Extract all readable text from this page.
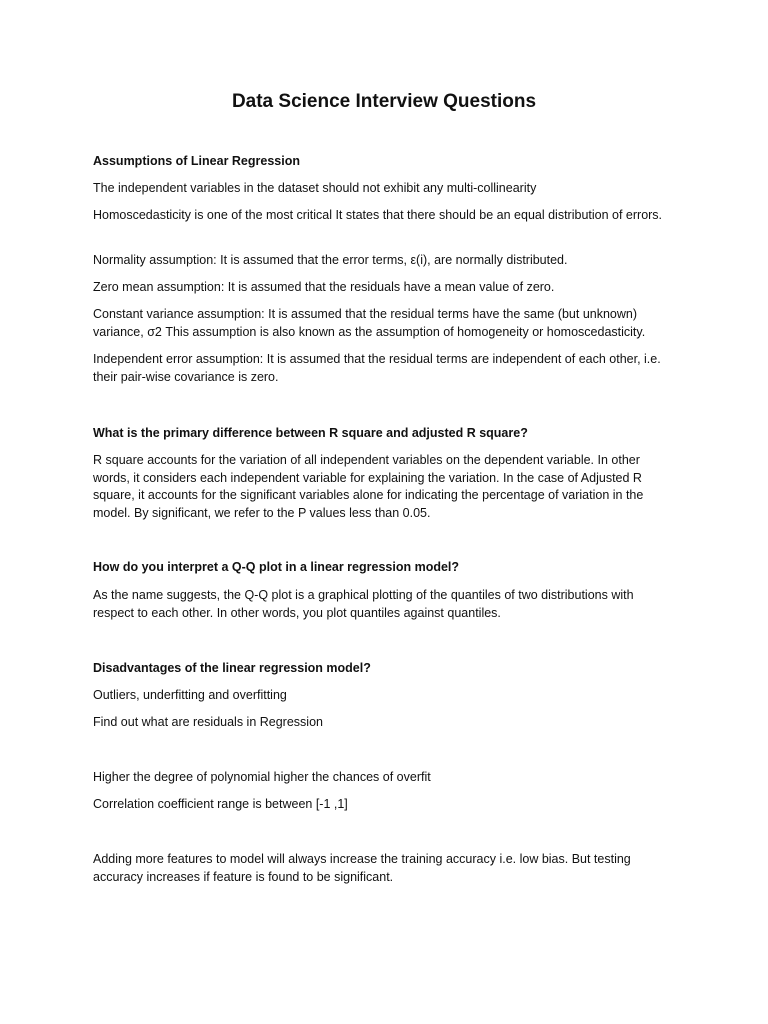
Data Science Interview Questions

Assumptions of Linear Regression

The independent variables in the dataset should not exhibit any multi-collinearity

Homoscedasticity is one of the most critical It states that there should be an equal distribution of errors.

Normality assumption: It is assumed that the error terms, ε(i), are normally distributed.

Zero mean assumption: It is assumed that the residuals have a mean value of zero.

Constant variance assumption: It is assumed that the residual terms have the same (but unknown) variance, σ2 This assumption is also known as the assumption of homogeneity or homoscedasticity.

Independent error assumption: It is assumed that the residual terms are independent of each other, i.e. their pair-wise covariance is zero.

What is the primary difference between R square and adjusted R square?

R square accounts for the variation of all independent variables on the dependent variable. In other words, it considers each independent variable for explaining the variation. In the case of Adjusted R square, it accounts for the significant variables alone for indicating the percentage of variation in the model. By significant, we refer to the P values less than 0.05.

How do you interpret a Q-Q plot in a linear regression model?

As the name suggests, the Q-Q plot is a graphical plotting of the quantiles of two distributions with respect to each other. In other words, you plot quantiles against quantiles.

Disadvantages of the linear regression model?

Outliers, underfitting and overfitting

Find out what are residuals in Regression

Higher the degree of polynomial higher the chances of overfit

Correlation coefficient range is between [-1 ,1]

Adding more features to model will always increase the training accuracy i.e. low bias. But testing accuracy increases if feature is found to be significant.
